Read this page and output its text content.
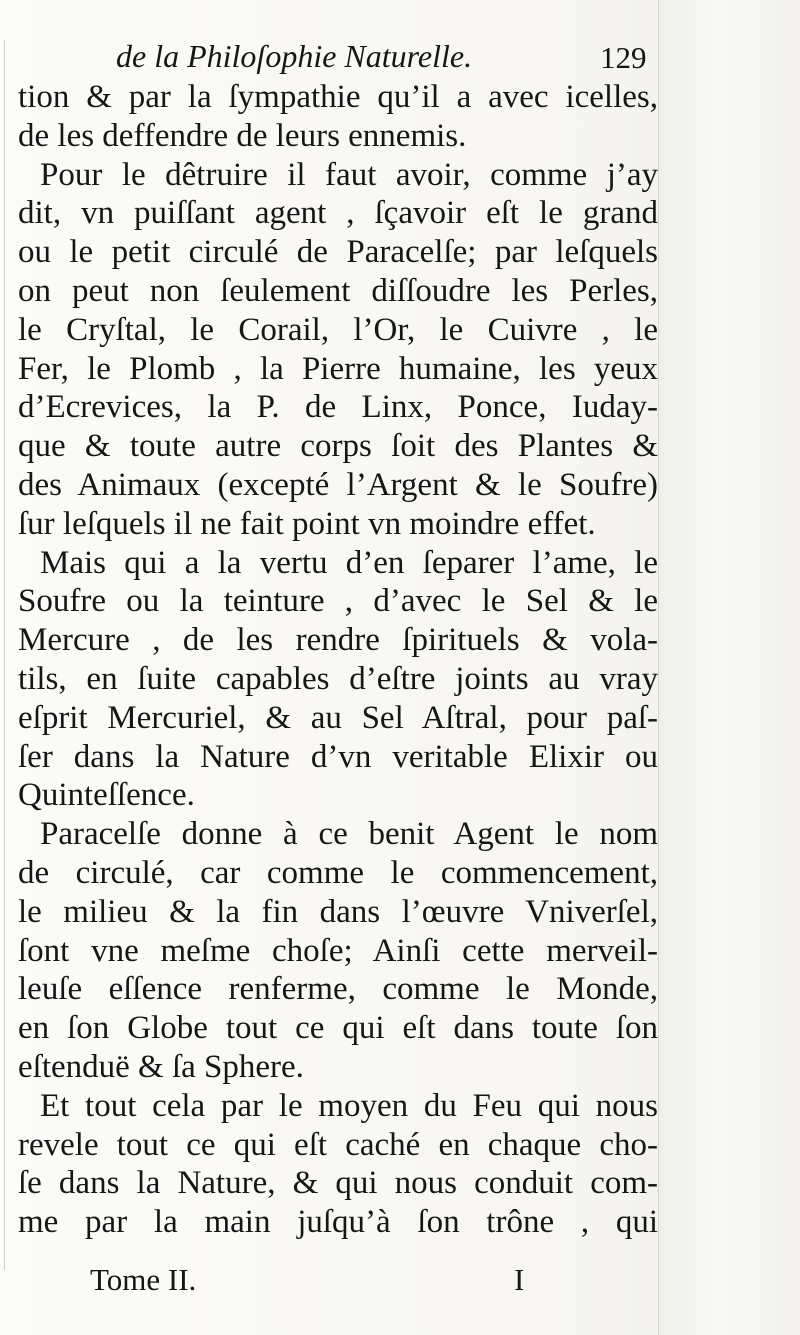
de la Philoſophie Naturelle.	129
tion & par la ſympathie qu’il a avec icelles,
de les deffendre de leurs ennemis.
Pour le dêtruire il faut avoir, comme j’ay
dit, vn puiſſant agent , ſçavoir eſt le grand
ou le petit circulé de Paracelſe; par leſquels
on peut non ſeulement diſſoudre les Perles,
le Cryſtal, le Corail, l’Or, le Cuivre , le
Fer, le Plomb , la Pierre humaine, les yeux
d’Ecrevices, la P. de Linx, Ponce, Iuday-
que & toute autre corps ſoit des Plantes &
des Animaux (excepté l’Argent & le Soufre)
ſur leſquels il ne fait point vn moindre effet.
Mais qui a la vertu d’en ſeparer l’ame, le
Soufre ou la teinture , d’avec le Sel & le
Mercure , de les rendre ſpirituels & vola-
tils, en ſuite capables d’eſtre joints au vray
eſprit Mercuriel, & au Sel Aſtral, pour paſ-
ſer dans la Nature d’vn veritable Elixir ou
Quinteſſence.
Paracelſe donne à ce benit Agent le nom
de circulé, car comme le commencement,
le milieu & la fin dans l’œuvre Vniverſel,
ſont vne meſme choſe; Ainſi cette merveil-
leuſe eſſence renferme, comme le Monde,
en ſon Globe tout ce qui eſt dans toute ſon
eſtenduë & ſa Sphere.
Et tout cela par le moyen du Feu qui nous
revele tout ce qui eſt caché en chaque cho-
ſe dans la Nature, & qui nous conduit com-
me par la main juſqu’à ſon trône , qui
Tome II.	I
